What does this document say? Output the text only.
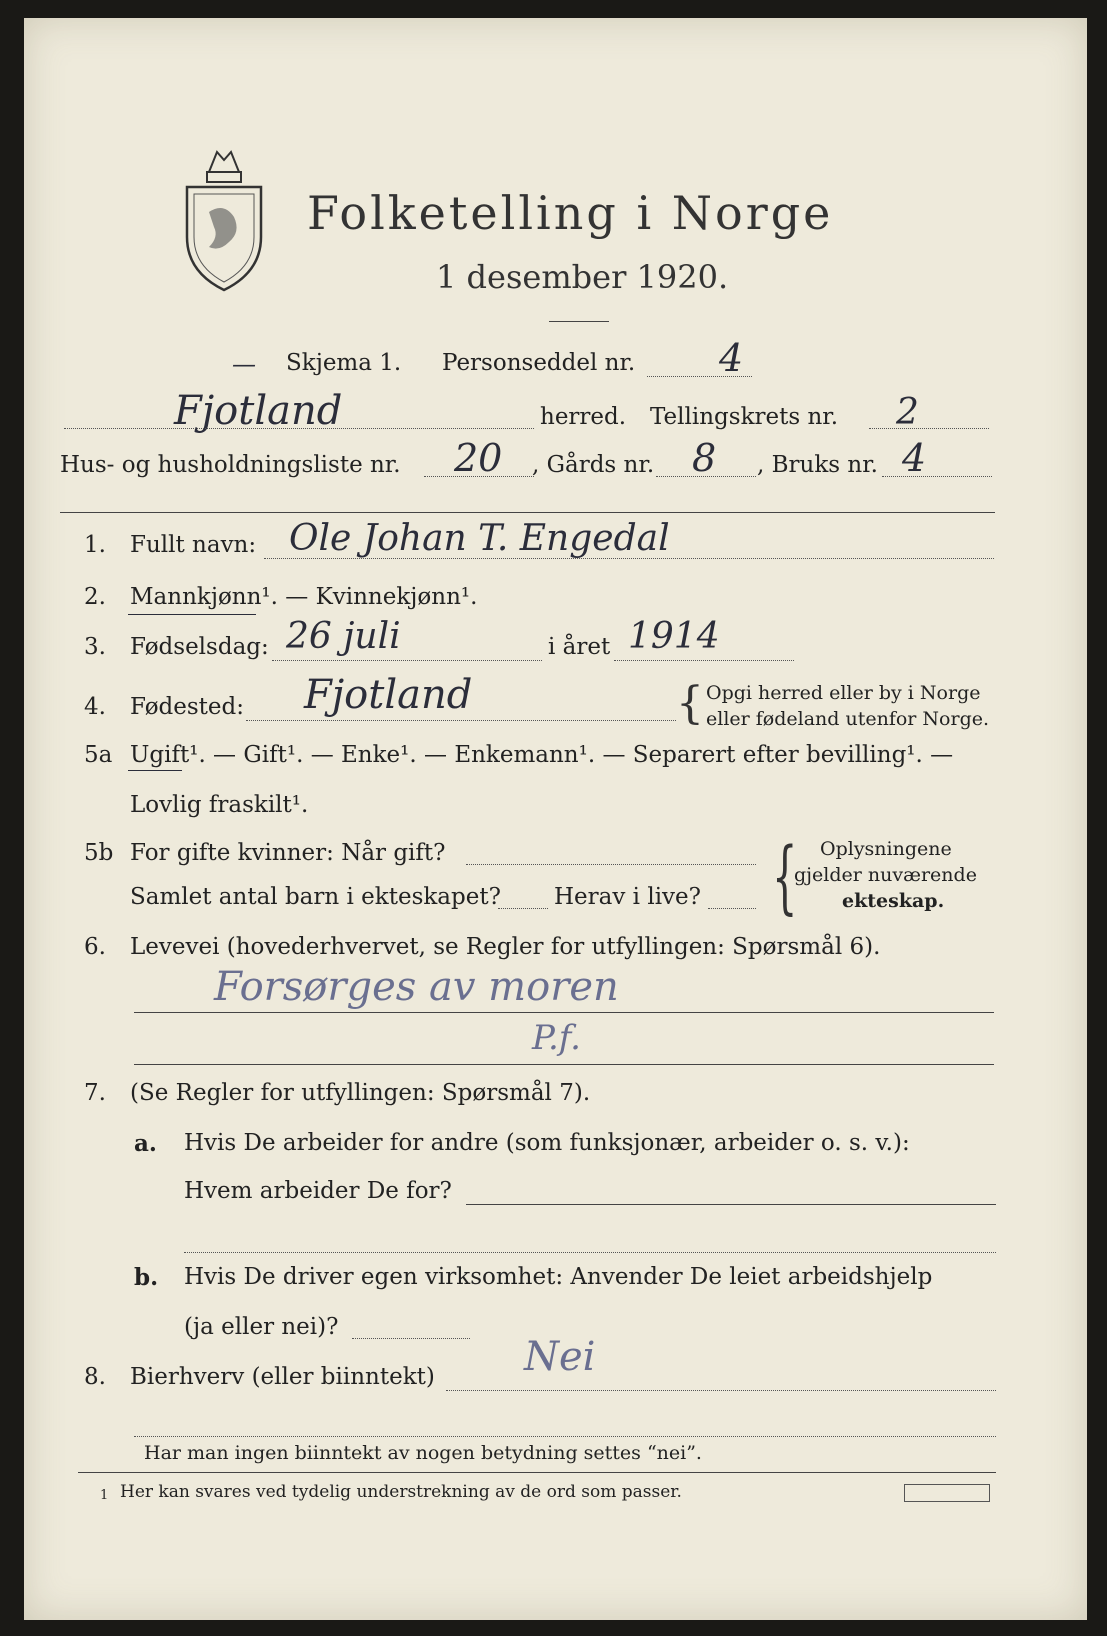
Folketelling i Norge
1 desember 1920.
— Skjema 1. Personseddel nr. 4
Fjotland	herred. Tellingskrets nr. 2
Hus- og husholdningsliste nr. 20 , Gårds nr. 8 , Bruks nr. 4
1. Fullt navn: Ole Johan T. Engedal
2. Mannkjønn¹. — Kvinnekjønn¹.
3. Fødselsdag: 26 juli	i året 1914
4. Fødested: Fjotland	{ Opgi herred eller by i Norge
eller fødeland utenfor Norge.
5a Ugift¹. — Gift¹. — Enke¹. — Enkemann¹. — Separert efter bevilling¹. —
Lovlig fraskilt¹.
5b For gifte kvinner: Når gift?
Samlet antal barn i ekteskapet? Herav i live? { Oplysningene
gjelder nuværende
ekteskap.
6. Levevei (hovederhvervet, se Regler for utfyllingen: Spørsmål 6).
Forsørges av moren
P.f.
7. (Se Regler for utfyllingen: Spørsmål 7).
a. Hvis De arbeider for andre (som funksjonær, arbeider o. s. v.):
Hvem arbeider De for?
b. Hvis De driver egen virksomhet: Anvender De leiet arbeidshjelp
(ja eller nei)?
8. Bierhverv (eller biinntekt) Nei
Har man ingen biinntekt av nogen betydning settes “nei”.
1 Her kan svares ved tydelig understrekning av de ord som passer.
